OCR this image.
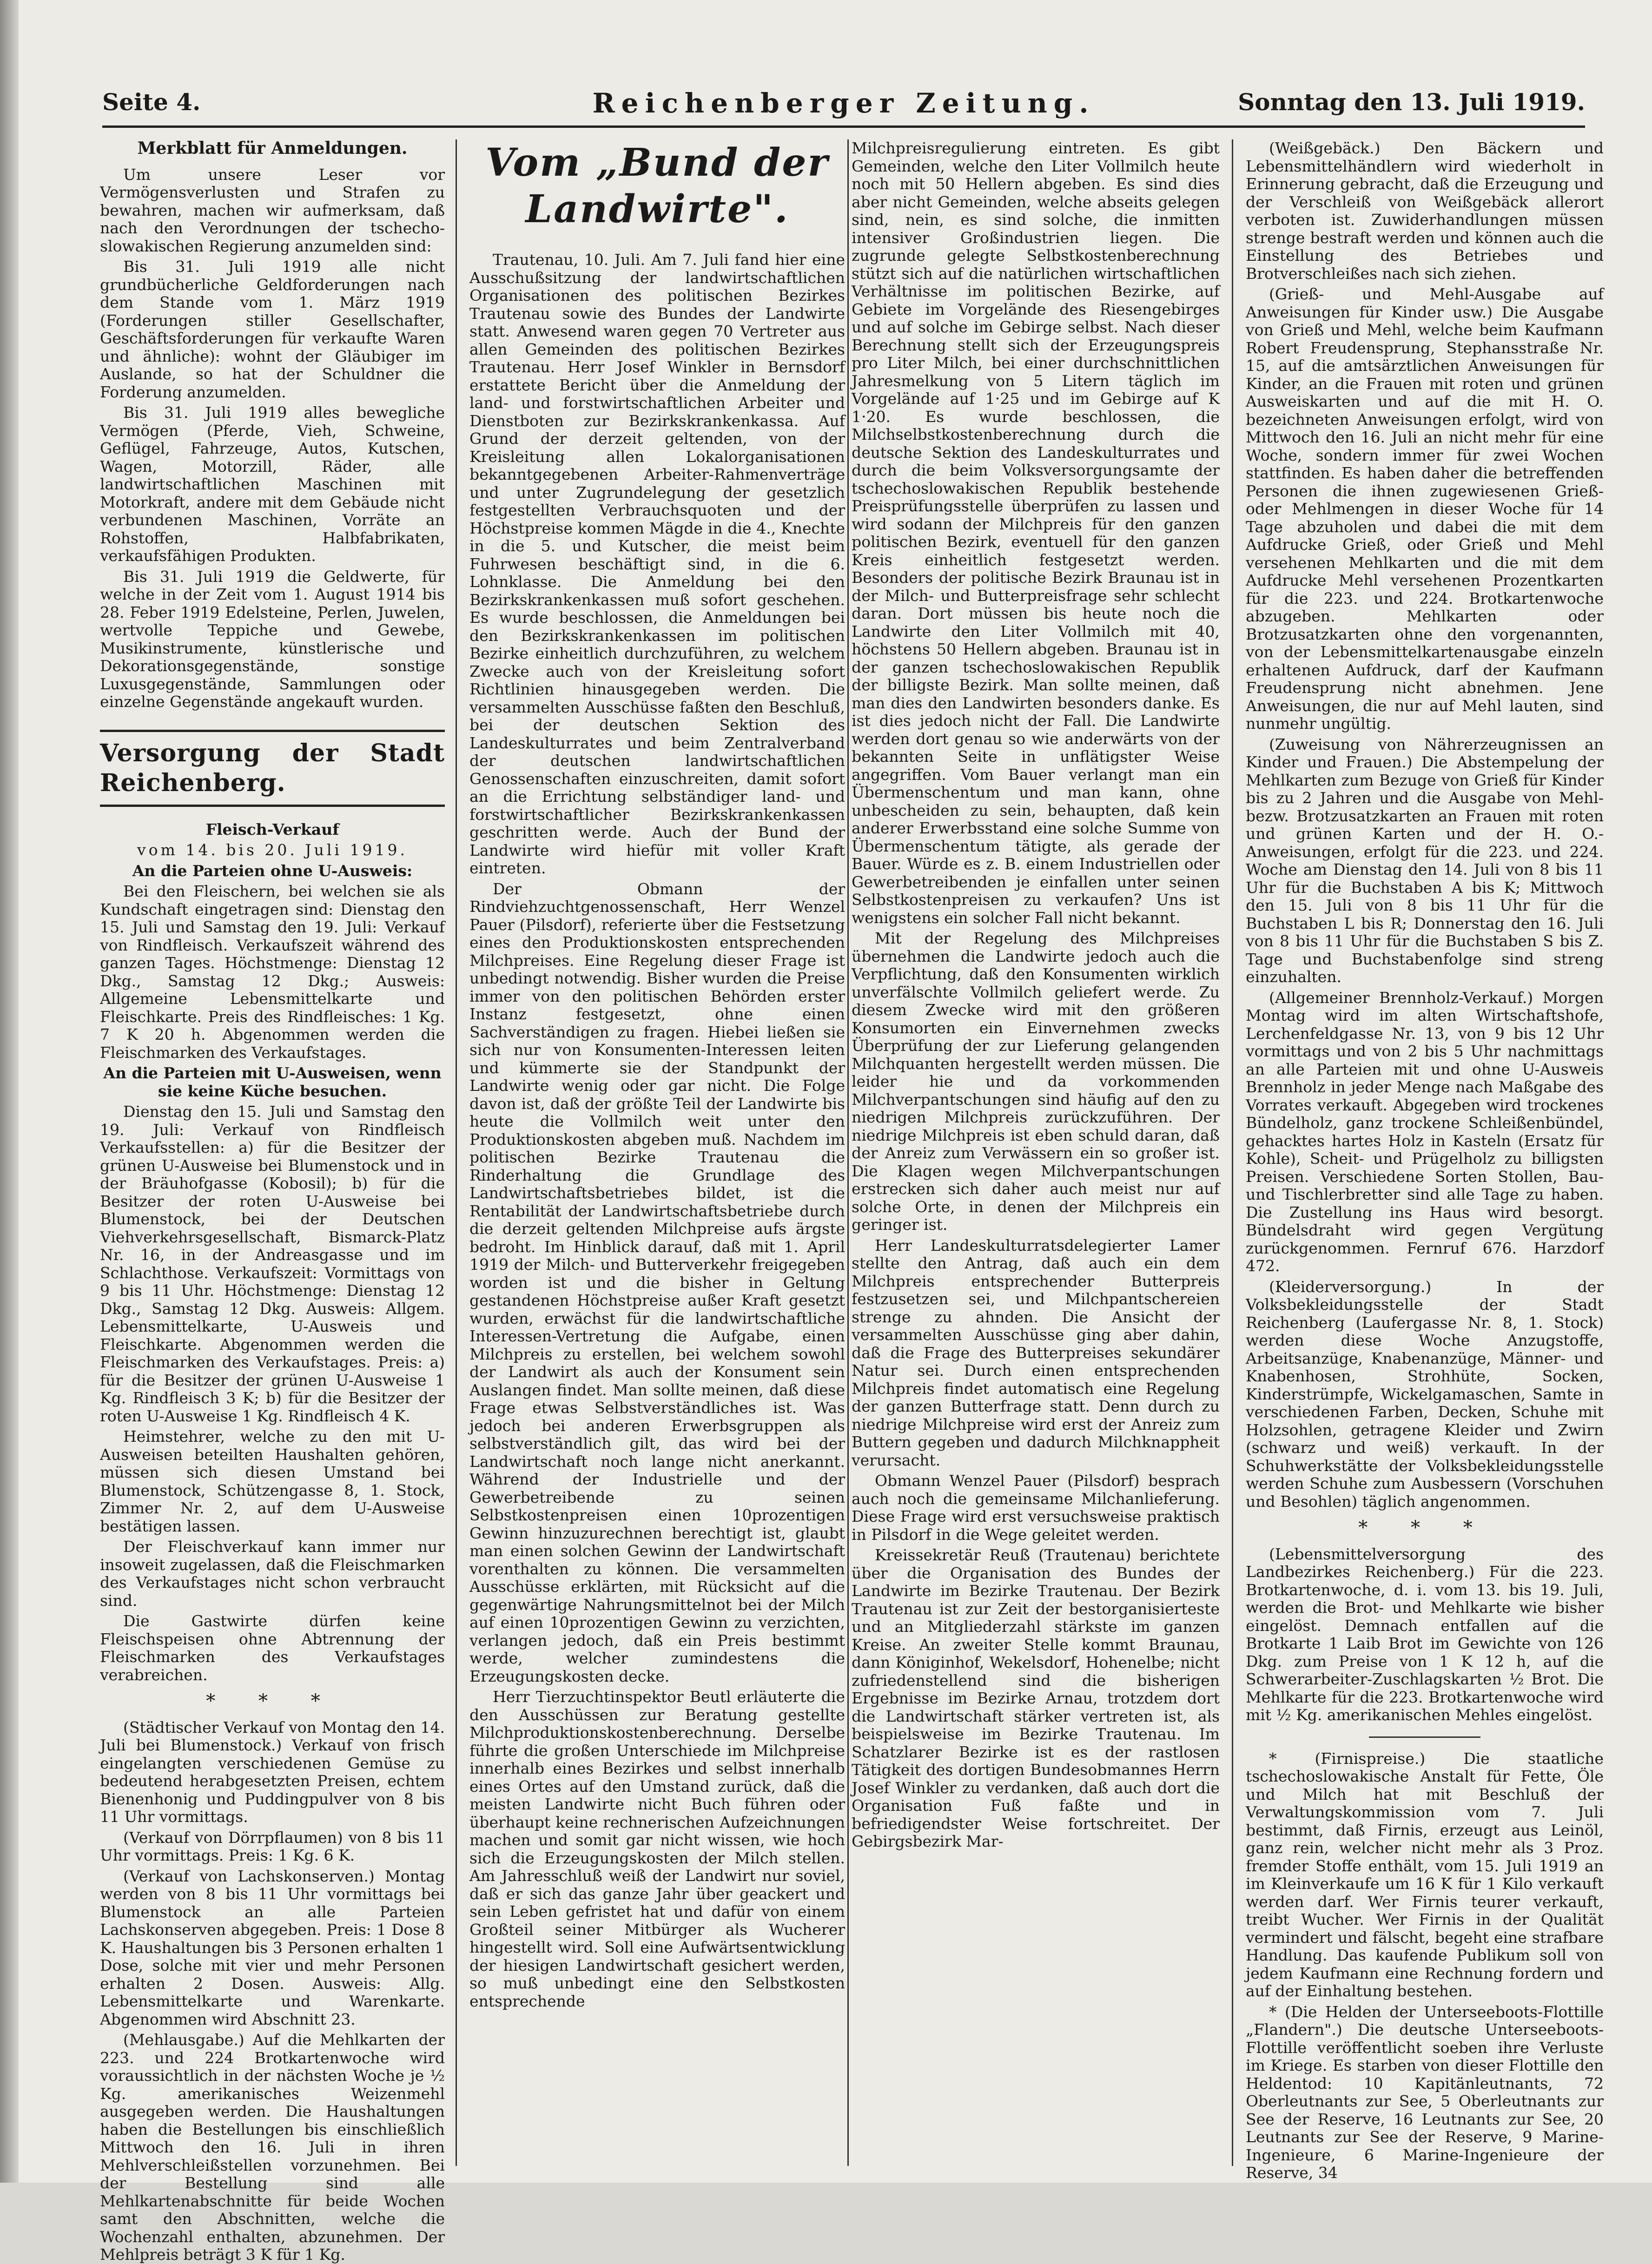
Seite 4.	Reichenberger Zeitung.	Sonntag den 13. Juli 1919.
Merkblatt für Anmeldungen.

Um unsere Leser vor Vermögensverlusten und Strafen zu bewahren, machen wir aufmerksam, daß nach den Verordnungen der tschecho-slowakischen Regierung anzumelden sind:

Bis 31. Juli 1919 alle nicht grundbücherliche Geldforderungen nach dem Stande vom 1. März 1919 (Forderungen stiller Gesellschafter, Geschäftsforderungen für verkaufte Waren und ähnliche): wohnt der Gläubiger im Auslande, so hat der Schuldner die Forderung anzumelden.

Bis 31. Juli 1919 alles bewegliche Vermögen (Pferde, Vieh, Schweine, Geflügel, Fahrzeuge, Autos, Kutschen, Wagen, Motorzill, Räder, alle landwirtschaftlichen Maschinen mit Motorkraft, andere mit dem Gebäude nicht verbundenen Maschinen, Vorräte an Rohstoffen, Halbfabrikaten, verkaufsfähigen Produkten.

Bis 31. Juli 1919 die Geldwerte, für welche in der Zeit vom 1. August 1914 bis 28. Feber 1919 Edelsteine, Perlen, Juwelen, wertvolle Teppiche und Gewebe, Musikinstrumente, künstlerische und Dekorationsgegenstände, sonstige Luxusgegenstände, Sammlungen oder einzelne Gegenstände angekauft wurden.

Versorgung der Stadt Reichenberg.

Fleisch-Verkauf

vom 14. bis 20. Juli 1919.

An die Parteien ohne U-Ausweis:

Bei den Fleischern, bei welchen sie als Kundschaft eingetragen sind: Dienstag den 15. Juli und Samstag den 19. Juli: Verkauf von Rindfleisch. Verkaufszeit während des ganzen Tages. Höchstmenge: Dienstag 12 Dkg., Samstag 12 Dkg.; Ausweis: Allgemeine Lebensmittelkarte und Fleischkarte. Preis des Rindfleisches: 1 Kg. 7 K 20 h. Abgenommen werden die Fleischmarken des Verkaufstages.

An die Parteien mit U-Ausweisen, wenn sie keine Küche besuchen.

Dienstag den 15. Juli und Samstag den 19. Juli: Verkauf von Rindfleisch Verkaufsstellen: a) für die Besitzer der grünen U-Ausweise bei Blumenstock und in der Bräuhofgasse (Kobosil); b) für die Besitzer der roten U-Ausweise bei Blumenstock, bei der Deutschen Viehverkehrsgesellschaft, Bismarck-Platz Nr. 16, in der Andreasgasse und im Schlachthose. Verkaufszeit: Vormittags von 9 bis 11 Uhr. Höchstmenge: Dienstag 12 Dkg., Samstag 12 Dkg. Ausweis: Allgem. Lebensmittelkarte, U-Ausweis und Fleischkarte. Abgenommen werden die Fleischmarken des Verkaufstages. Preis: a) für die Besitzer der grünen U-Ausweise 1 Kg. Rindfleisch 3 K; b) für die Besitzer der roten U-Ausweise 1 Kg. Rindfleisch 4 K.

Heimstehrer, welche zu den mit U-Ausweisen beteilten Haushalten gehören, müssen sich diesen Umstand bei Blumenstock, Schützengasse 8, 1. Stock, Zimmer Nr. 2, auf dem U-Ausweise bestätigen lassen.

Der Fleischverkauf kann immer nur insoweit zugelassen, daß die Fleischmarken des Verkaufstages nicht schon verbraucht sind.

Die Gastwirte dürfen keine Fleischspeisen ohne Abtrennung der Fleischmarken des Verkaufstages verabreichen.

* * *

(Städtischer Verkauf von Montag den 14. Juli bei Blumenstock.) Verkauf von frisch eingelangten verschiedenen Gemüse zu bedeutend herabgesetzten Preisen, echtem Bienenhonig und Puddingpulver von 8 bis 11 Uhr vormittags.

(Verkauf von Dörrpflaumen) von 8 bis 11 Uhr vormittags. Preis: 1 Kg. 6 K.

(Verkauf von Lachskonserven.) Montag werden von 8 bis 11 Uhr vormittags bei Blumenstock an alle Parteien Lachskonserven abgegeben. Preis: 1 Dose 8 K. Haushaltungen bis 3 Personen erhalten 1 Dose, solche mit vier und mehr Personen erhalten 2 Dosen. Ausweis: Allg. Lebensmittelkarte und Warenkarte. Abgenommen wird Abschnitt 23.

(Mehlausgabe.) Auf die Mehlkarten der 223. und 224 Brotkartenwoche wird voraussichtlich in der nächsten Woche je ½ Kg. amerikanisches Weizenmehl ausgegeben werden. Die Haushaltungen haben die Bestellungen bis einschließlich Mittwoch den 16. Juli in ihren Mehlverschleißstellen vorzunehmen. Bei der Bestellung sind alle Mehlkartenabschnitte für beide Wochen samt den Abschnitten, welche die Wochenzahl enthalten, abzunehmen. Der Mehlpreis beträgt 3 K für 1 Kg.

Vom „Bund der Landwirte".

Trautenau, 10. Juli. Am 7. Juli fand hier eine Ausschußsitzung der landwirtschaftlichen Organisationen des politischen Bezirkes Trautenau sowie des Bundes der Landwirte statt. Anwesend waren gegen 70 Vertreter aus allen Gemeinden des politischen Bezirkes Trautenau. Herr Josef Winkler in Bernsdorf erstattete Bericht über die Anmeldung der land- und forstwirtschaftlichen Arbeiter und Dienstboten zur Bezirkskrankenkassa. Auf Grund der derzeit geltenden, von der Kreisleitung allen Lokalorganisationen bekanntgegebenen Arbeiter-Rahmenverträge und unter Zugrundelegung der gesetzlich festgestellten Verbrauchsquoten und der Höchstpreise kommen Mägde in die 4., Knechte in die 5. und Kutscher, die meist beim Fuhrwesen beschäftigt sind, in die 6. Lohnklasse. Die Anmeldung bei den Bezirkskrankenkassen muß sofort geschehen. Es wurde beschlossen, die Anmeldungen bei den Bezirkskrankenkassen im politischen Bezirke einheitlich durchzuführen, zu welchem Zwecke auch von der Kreisleitung sofort Richtlinien hinausgegeben werden. Die versammelten Ausschüsse faßten den Beschluß, bei der deutschen Sektion des Landeskulturrates und beim Zentralverband der deutschen landwirtschaftlichen Genossenschaften einzuschreiten, damit sofort an die Errichtung selbständiger land- und forstwirtschaftlicher Bezirkskrankenkassen geschritten werde. Auch der Bund der Landwirte wird hiefür mit voller Kraft eintreten.

Der Obmann der Rindviehzuchtgenossenschaft, Herr Wenzel Pauer (Pilsdorf), referierte über die Festsetzung eines den Produktionskosten entsprechenden Milchpreises. Eine Regelung dieser Frage ist unbedingt notwendig. Bisher wurden die Preise immer von den politischen Behörden erster Instanz festgesetzt, ohne einen Sachverständigen zu fragen. Hiebei ließen sie sich nur von Konsumenten-Interessen leiten und kümmerte sie der Standpunkt der Landwirte wenig oder gar nicht. Die Folge davon ist, daß der größte Teil der Landwirte bis heute die Vollmilch weit unter den Produktionskosten abgeben muß. Nachdem im politischen Bezirke Trautenau die Rinderhaltung die Grundlage des Landwirtschaftsbetriebes bildet, ist die Rentabilität der Landwirtschaftsbetriebe durch die derzeit geltenden Milchpreise aufs ärgste bedroht. Im Hinblick darauf, daß mit 1. April 1919 der Milch- und Butterverkehr freigegeben worden ist und die bisher in Geltung gestandenen Höchstpreise außer Kraft gesetzt wurden, erwächst für die landwirtschaftliche Interessen-Vertretung die Aufgabe, einen Milchpreis zu erstellen, bei welchem sowohl der Landwirt als auch der Konsument sein Auslangen findet. Man sollte meinen, daß diese Frage etwas Selbstverständliches ist. Was jedoch bei anderen Erwerbsgruppen als selbstverständlich gilt, das wird bei der Landwirtschaft noch lange nicht anerkannt. Während der Industrielle und der Gewerbetreibende zu seinen Selbstkostenpreisen einen 10prozentigen Gewinn hinzuzurechnen berechtigt ist, glaubt man einen solchen Gewinn der Landwirtschaft vorenthalten zu können. Die versammelten Ausschüsse erklärten, mit Rücksicht auf die gegenwärtige Nahrungsmittelnot bei der Milch auf einen 10prozentigen Gewinn zu verzichten, verlangen jedoch, daß ein Preis bestimmt werde, welcher zumindestens die Erzeugungskosten decke.

Herr Tierzuchtinspektor Beutl erläuterte die den Ausschüssen zur Beratung gestellte Milchproduktionskostenberechnung. Derselbe führte die großen Unterschiede im Milchpreise innerhalb eines Bezirkes und selbst innerhalb eines Ortes auf den Umstand zurück, daß die meisten Landwirte nicht Buch führen oder überhaupt keine rechnerischen Aufzeichnungen machen und somit gar nicht wissen, wie hoch sich die Erzeugungskosten der Milch stellen. Am Jahresschluß weiß der Landwirt nur soviel, daß er sich das ganze Jahr über geackert und sein Leben gefristet hat und dafür von einem Großteil seiner Mitbürger als Wucherer hingestellt wird. Soll eine Aufwärtsentwicklung der hiesigen Landwirtschaft gesichert werden, so muß unbedingt eine den Selbstkosten entsprechende

Milchpreisregulierung eintreten. Es gibt Gemeinden, welche den Liter Vollmilch heute noch mit 50 Hellern abgeben. Es sind dies aber nicht Gemeinden, welche abseits gelegen sind, nein, es sind solche, die inmitten intensiver Großindustrien liegen. Die zugrunde gelegte Selbstkostenberechnung stützt sich auf die natürlichen wirtschaftlichen Verhältnisse im politischen Bezirke, auf Gebiete im Vorgelände des Riesengebirges und auf solche im Gebirge selbst. Nach dieser Berechnung stellt sich der Erzeugungspreis pro Liter Milch, bei einer durchschnittlichen Jahresmelkung von 5 Litern täglich im Vorgelände auf 1·25 und im Gebirge auf K 1·20. Es wurde beschlossen, die Milchselbstkostenberechnung durch die deutsche Sektion des Landeskulturrates und durch die beim Volksversorgungsamte der tschechoslowakischen Republik bestehende Preisprüfungsstelle überprüfen zu lassen und wird sodann der Milchpreis für den ganzen politischen Bezirk, eventuell für den ganzen Kreis einheitlich festgesetzt werden. Besonders der politische Bezirk Braunau ist in der Milch- und Butterpreisfrage sehr schlecht daran. Dort müssen bis heute noch die Landwirte den Liter Vollmilch mit 40, höchstens 50 Hellern abgeben. Braunau ist in der ganzen tschechoslowakischen Republik der billigste Bezirk. Man sollte meinen, daß man dies den Landwirten besonders danke. Es ist dies jedoch nicht der Fall. Die Landwirte werden dort genau so wie anderwärts von der bekannten Seite in unflätigster Weise angegriffen. Vom Bauer verlangt man ein Übermenschentum und man kann, ohne unbescheiden zu sein, behaupten, daß kein anderer Erwerbsstand eine solche Summe von Übermenschentum tätigte, als gerade der Bauer. Würde es z. B. einem Industriellen oder Gewerbetreibenden je einfallen unter seinen Selbstkostenpreisen zu verkaufen? Uns ist wenigstens ein solcher Fall nicht bekannt.

Mit der Regelung des Milchpreises übernehmen die Landwirte jedoch auch die Verpflichtung, daß den Konsumenten wirklich unverfälschte Vollmilch geliefert werde. Zu diesem Zwecke wird mit den größeren Konsumorten ein Einvernehmen zwecks Überprüfung der zur Lieferung gelangenden Milchquanten hergestellt werden müssen. Die leider hie und da vorkommenden Milchverpantschungen sind häufig auf den zu niedrigen Milchpreis zurückzuführen. Der niedrige Milchpreis ist eben schuld daran, daß der Anreiz zum Verwässern ein so großer ist. Die Klagen wegen Milchverpantschungen erstrecken sich daher auch meist nur auf solche Orte, in denen der Milchpreis ein geringer ist.

Herr Landeskulturratsdelegierter Lamer stellte den Antrag, daß auch ein dem Milchpreis entsprechender Butterpreis festzusetzen sei, und Milchpantschereien strenge zu ahnden. Die Ansicht der versammelten Ausschüsse ging aber dahin, daß die Frage des Butterpreises sekundärer Natur sei. Durch einen entsprechenden Milchpreis findet automatisch eine Regelung der ganzen Butterfrage statt. Denn durch zu niedrige Milchpreise wird erst der Anreiz zum Buttern gegeben und dadurch Milchknappheit verursacht.

Obmann Wenzel Pauer (Pilsdorf) besprach auch noch die gemeinsame Milchanlieferung. Diese Frage wird erst versuchsweise praktisch in Pilsdorf in die Wege geleitet werden.

Kreissekretär Reuß (Trautenau) berichtete über die Organisation des Bundes der Landwirte im Bezirke Trautenau. Der Bezirk Trautenau ist zur Zeit der bestorganisierteste und an Mitgliederzahl stärkste im ganzen Kreise. An zweiter Stelle kommt Braunau, dann Königinhof, Wekelsdorf, Hohenelbe; nicht zufriedenstellend sind die bisherigen Ergebnisse im Bezirke Arnau, trotzdem dort die Landwirtschaft stärker vertreten ist, als beispielsweise im Bezirke Trautenau. Im Schatzlarer Bezirke ist es der rastlosen Tätigkeit des dortigen Bundesobmannes Herrn Josef Winkler zu verdanken, daß auch dort die Organisation Fuß faßte und in befriedigendster Weise fortschreitet. Der Gebirgsbezirk Mar-

(Weißgebäck.) Den Bäckern und Lebensmittelhändlern wird wiederholt in Erinnerung gebracht, daß die Erzeugung und der Verschleiß von Weißgebäck allerort verboten ist. Zuwiderhandlungen müssen strenge bestraft werden und können auch die Einstellung des Betriebes und Brotverschleißes nach sich ziehen.

(Grieß- und Mehl-Ausgabe auf Anweisungen für Kinder usw.) Die Ausgabe von Grieß und Mehl, welche beim Kaufmann Robert Freudensprung, Stephansstraße Nr. 15, auf die amtsärztlichen Anweisungen für Kinder, an die Frauen mit roten und grünen Ausweiskarten und auf die mit H. O. bezeichneten Anweisungen erfolgt, wird von Mittwoch den 16. Juli an nicht mehr für eine Woche, sondern immer für zwei Wochen stattfinden. Es haben daher die betreffenden Personen die ihnen zugewiesenen Grieß- oder Mehlmengen in dieser Woche für 14 Tage abzuholen und dabei die mit dem Aufdrucke Grieß, oder Grieß und Mehl versehenen Mehlkarten und die mit dem Aufdrucke Mehl versehenen Prozentkarten für die 223. und 224. Brotkartenwoche abzugeben. Mehlkarten oder Brotzusatzkarten ohne den vorgenannten, von der Lebensmittelkartenausgabe einzeln erhaltenen Aufdruck, darf der Kaufmann Freudensprung nicht abnehmen. Jene Anweisungen, die nur auf Mehl lauten, sind nunmehr ungültig.

(Zuweisung von Nährerzeugnissen an Kinder und Frauen.) Die Abstempelung der Mehlkarten zum Bezuge von Grieß für Kinder bis zu 2 Jahren und die Ausgabe von Mehl- bezw. Brotzusatzkarten an Frauen mit roten und grünen Karten und der H. O.-Anweisungen, erfolgt für die 223. und 224. Woche am Dienstag den 14. Juli von 8 bis 11 Uhr für die Buchstaben A bis K; Mittwoch den 15. Juli von 8 bis 11 Uhr für die Buchstaben L bis R; Donnerstag den 16. Juli von 8 bis 11 Uhr für die Buchstaben S bis Z. Tage und Buchstabenfolge sind streng einzuhalten.

(Allgemeiner Brennholz-Verkauf.) Morgen Montag wird im alten Wirtschaftshofe, Lerchenfeldgasse Nr. 13, von 9 bis 12 Uhr vormittags und von 2 bis 5 Uhr nachmittags an alle Parteien mit und ohne U-Ausweis Brennholz in jeder Menge nach Maßgabe des Vorrates verkauft. Abgegeben wird trockenes Bündelholz, ganz trockene Schleißenbündel, gehacktes hartes Holz in Kasteln (Ersatz für Kohle), Scheit- und Prügelholz zu billigsten Preisen. Verschiedene Sorten Stollen, Bau- und Tischlerbretter sind alle Tage zu haben. Die Zustellung ins Haus wird besorgt. Bündelsdraht wird gegen Vergütung zurückgenommen. Fernruf 676. Harzdorf 472.

(Kleiderversorgung.) In der Volksbekleidungsstelle der Stadt Reichenberg (Laufergasse Nr. 8, 1. Stock) werden diese Woche Anzugstoffe, Arbeitsanzüge, Knabenanzüge, Männer- und Knabenhosen, Strohhüte, Socken, Kinderstrümpfe, Wickelgamaschen, Samte in verschiedenen Farben, Decken, Schuhe mit Holzsohlen, getragene Kleider und Zwirn (schwarz und weiß) verkauft. In der Schuhwerkstätte der Volksbekleidungsstelle werden Schuhe zum Ausbessern (Vorschuhen und Besohlen) täglich angenommen.

* * *

(Lebensmittelversorgung des Landbezirkes Reichenberg.) Für die 223. Brotkartenwoche, d. i. vom 13. bis 19. Juli, werden die Brot- und Mehlkarte wie bisher eingelöst. Demnach entfallen auf die Brotkarte 1 Laib Brot im Gewichte von 126 Dkg. zum Preise von 1 K 12 h, auf die Schwerarbeiter-Zuschlagskarten ½ Brot. Die Mehlkarte für die 223. Brotkartenwoche wird mit ½ Kg. amerikanischen Mehles eingelöst.

* (Firnispreise.) Die staatliche tschechoslowakische Anstalt für Fette, Öle und Milch hat mit Beschluß der Verwaltungskommission vom 7. Juli bestimmt, daß Firnis, erzeugt aus Leinöl, ganz rein, welcher nicht mehr als 3 Proz. fremder Stoffe enthält, vom 15. Juli 1919 an im Kleinverkaufe um 16 K für 1 Kilo verkauft werden darf. Wer Firnis teurer verkauft, treibt Wucher. Wer Firnis in der Qualität vermindert und fälscht, begeht eine strafbare Handlung. Das kaufende Publikum soll von jedem Kaufmann eine Rechnung fordern und auf der Einhaltung bestehen.

* (Die Helden der Unterseeboots-Flottille „Flandern".) Die deutsche Unterseeboots-Flottille veröffentlicht soeben ihre Verluste im Kriege. Es starben von dieser Flottille den Heldentod: 10 Kapitänleutnants, 72 Oberleutnants zur See, 5 Oberleutnants zur See der Reserve, 16 Leutnants zur See, 20 Leutnants zur See der Reserve, 9 Marine-Ingenieure, 6 Marine-Ingenieure der Reserve, 34
